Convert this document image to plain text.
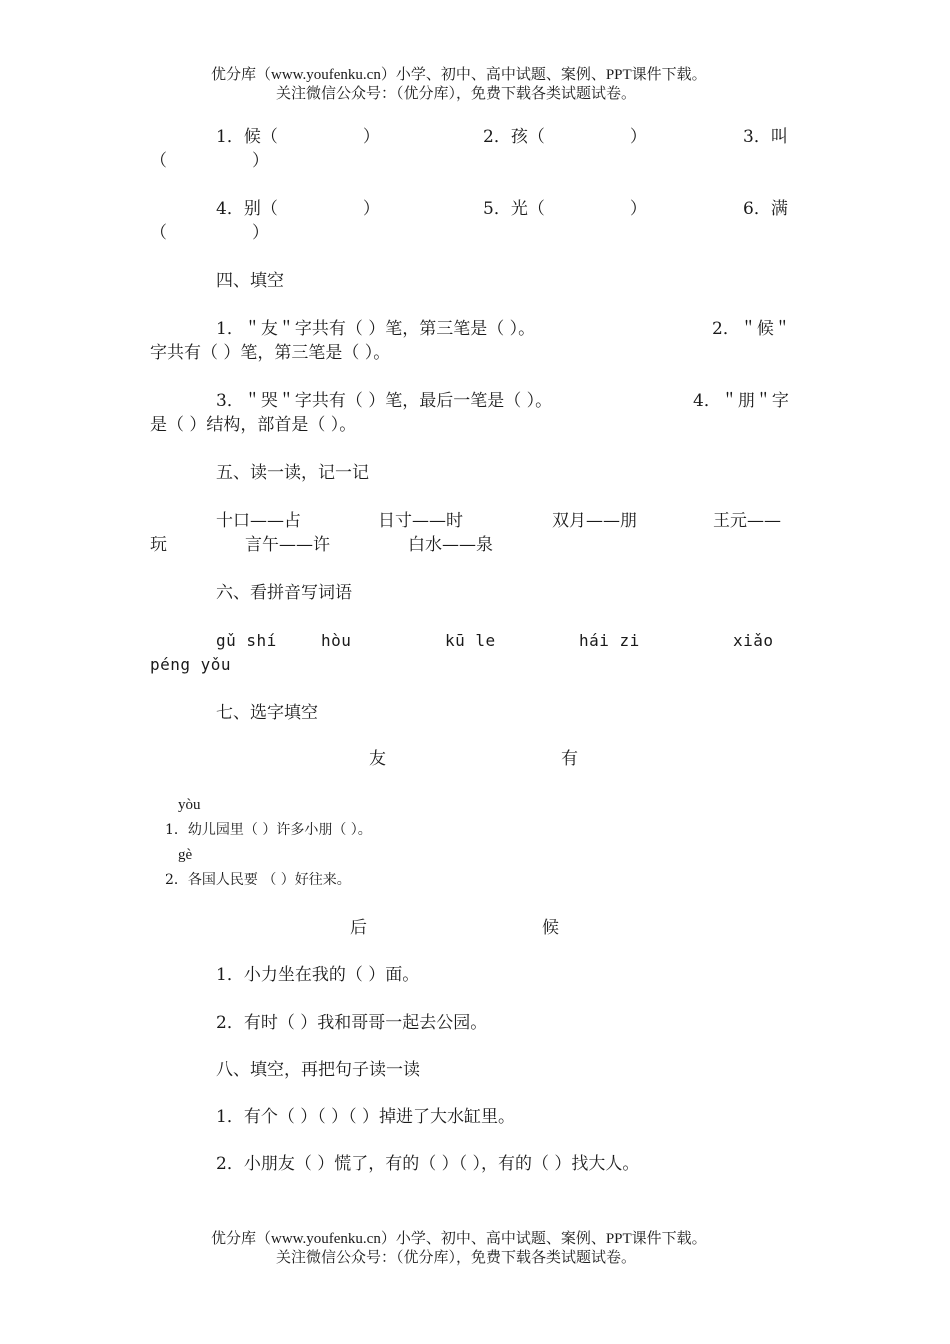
优分库（www.youfenku.cn）小学、初中、高中试题、案例、PPT课件下载。
关注微信公众号：（优分库），免费下载各类试题试卷。
1．候（　　　　　）	2．孩（　　　　　）	3．叫
（　　　　　）
4．别（　　　　　）	5．光（　　　　　）	6．满
（　　　　　）
四、填空
1．＂友＂字共有（ ）笔，第三笔是（ ）。	2．＂候＂
字共有（ ）笔，第三笔是（ ）。
3．＂哭＂字共有（ ）笔，最后一笔是（ ）。	4．＂朋＂字
是（ ）结构，部首是（ ）。
五、读一读，记一记
十口——占	日寸——时	双月——朋	王元——
玩	言午——许	白水——泉
六、看拼音写词语
gǔ shí	hòu	kū le	hái zi	xiǎo
péng yǒu
七、选字填空
友	有
yòu
1．幼儿园里（ ）许多小朋（ ）。
gè
2．各国人民要 （ ）好往来。
后	候
1．小力坐在我的（ ）面。
2．有时（ ）我和哥哥一起去公园。
八、填空，再把句子读一读
1．有个（ ）（ ）（ ）掉进了大水缸里。
2．小朋友（ ）慌了，有的（ ）（ ），有的（ ）找大人。
优分库（www.youfenku.cn）小学、初中、高中试题、案例、PPT课件下载。
关注微信公众号：（优分库），免费下载各类试题试卷。
